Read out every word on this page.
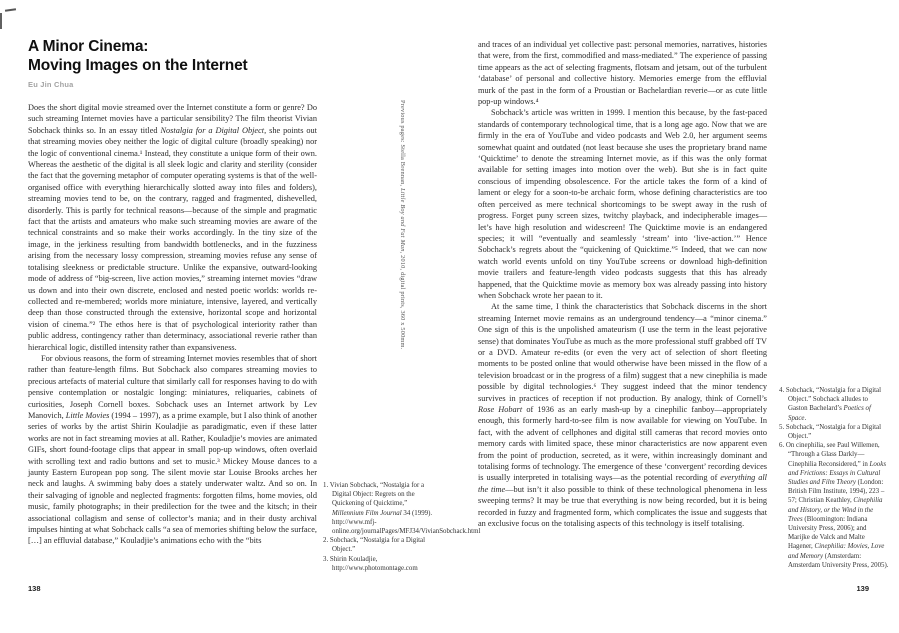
A Minor Cinema:
Moving Images on the Internet
Eu Jin Chua

Does the short digital movie streamed over the Internet constitute a form or genre? Do such streaming Internet movies have a particular sensibility? The film theorist Vivian Sobchack thinks so. In an essay titled Nostalgia for a Digital Object, she points out that streaming movies obey neither the logic of digital culture (broadly speaking) nor the logic of conventional cinema.¹ Instead, they constitute a unique form of their own. Whereas the aesthetic of the digital is all sleek logic and clarity and sterility (consider the fact that the governing metaphor of computer operating systems is that of the well-organised office with everything hierarchically slotted away into files and folders), streaming movies tend to be, on the contrary, ragged and fragmented, dishevelled, disorderly. This is partly for technical reasons—because of the simple and pragmatic fact that the artists and amateurs who make such streaming movies are aware of the technical constraints and so make their works accordingly. In the tiny size of the image, in the jerkiness resulting from bandwidth bottlenecks, and in the fuzziness arising from the necessary lossy compression, streaming movies refuse any sense of totalising sleekness or predictable structure. Unlike the expansive, outward-looking mode of address of “big-screen, live action movies,” streaming internet movies “draw us down and into their own discrete, enclosed and nested poetic worlds: worlds re-collected and re-membered; worlds more miniature, intensive, layered, and vertically deep than those constructed through the extensive, horizontal scope and horizontal vision of cinema.”² The ethos here is that of psychological interiority rather than public address, contingency rather than determinacy, associational reverie rather than hierarchical logic, distilled intensity rather than expansiveness.

For obvious reasons, the form of streaming Internet movies resembles that of short rather than feature-length films. But Sobchack also compares streaming movies to precious artefacts of material culture that similarly call for responses having to do with pensive contemplation or nostalgic longing: miniatures, reliquaries, cabinets of curiosities, Joseph Cornell boxes. Sobchack uses an Internet artwork by Lev Manovich, Little Movies (1994 – 1997), as a prime example, but I also think of another series of works by the artist Shirin Kouladjie as paradigmatic, even if these latter works are not in fact streaming movies at all. Rather, Kouladjie’s movies are animated GIFs, short found-footage clips that appear in small pop-up windows, often overlaid with scrolling text and radio buttons and set to music.³ Mickey Mouse dances to a jaunty Eastern European pop song. The silent movie star Louise Brooks arches her neck and laughs. A swimming baby does a stately underwater waltz. And so on. In their salvaging of ignoble and neglected fragments: forgotten films, home movies, old music, family photographs; in their predilection for the twee and the kitsch; in their associational collagism and sense of collector’s mania; and in their dusty archival impulses hinting at what Sobchack calls “a sea of memories shifting below the surface, […] an effluvial database,” Kouladjie’s animations echo with the “bits

Previous pages: Stella Brennan, Little Boy and Fat Man, 2010, digital prints, 360 x 500mm.
1. Vivian Sobchack, “Nostalgia for a Digital Object: Regrets on the Quickening of Quicktime,” Millennium Film Journal 34 (1999). http://www.mfj-online.org/journalPages/MFJ34/VivianSobchack.html
2. Sobchack, “Nostalgia for a Digital Object.”
3. Shirin Kouladjie, http://www.photomontage.com

and traces of an individual yet collective past: personal memories, narratives, histories that were, from the first, commodified and mass-mediated.” The experience of passing time appears as the act of selecting fragments, flotsam and jetsam, out of the turbulent ‘database’ of personal and collective history. Memories emerge from the effluvial murk of the past in the form of a Proustian or Bachelardian reverie—or as cute little pop-up windows.⁴

Sobchack’s article was written in 1999. I mention this because, by the fast-paced standards of contemporary technological time, that is a long age ago. Now that we are firmly in the era of YouTube and video podcasts and Web 2.0, her argument seems somewhat quaint and outdated (not least because she uses the proprietary brand name ‘Quicktime’ to denote the streaming Internet movie, as if this was the only format available for setting images into motion over the web). But she is in fact quite conscious of impending obsolescence. For the article takes the form of a kind of lament or elegy for a soon-to-be archaic form, whose defining characteristics are too often perceived as mere technical shortcomings to be swept away in the rush of progress. Forget puny screen sizes, twitchy playback, and indecipherable images—let’s have high resolution and widescreen! The Quicktime movie is an endangered species; it will “eventually and seamlessly ‘stream’ into ‘live-action.’” Hence Sobchack’s regrets about the “quickening of Quicktime.”⁵ Indeed, that we can now watch world events unfold on tiny YouTube screens or download high-definition movie trailers and feature-length video podcasts suggests that this has already happened, that the Quicktime movie as memory box was already passing into history when Sobchack wrote her paean to it.

At the same time, I think the characteristics that Sobchack discerns in the short streaming Internet movie remains as an underground tendency—a “minor cinema.” One sign of this is the unpolished amateurism (I use the term in the least pejorative sense) that dominates YouTube as much as the more professional stuff grabbed off TV or a DVD. Amateur re-edits (or even the very act of selection of short fleeting moments to be posted online that would otherwise have been missed in the flow of a television broadcast or in the progress of a film) suggest that a new cinephilia is made possible by digital technologies.⁶ They suggest indeed that the minor tendency survives in practices of reception if not production. By analogy, think of Cornell’s Rose Hobart of 1936 as an early mash-up by a cinephilic fanboy—appropriately enough, this formerly hard-to-see film is now available for viewing on YouTube. In fact, with the advent of cellphones and digital still cameras that record movies onto memory cards with limited space, these minor characteristics are now apparent even from the point of production, secreted, as it were, within increasingly dominant and totalising forms of technology. The emergence of these ‘convergent’ recording devices is usually interpreted in totalising ways—as the potential recording of everything all the time—but isn’t it also possible to think of these technological phenomena in less sweeping terms? It may be true that everything is now being recorded, but it is being recorded in fuzzy and fragmented form, which complicates the issue and suggests that an exclusive focus on the totalising aspects of this technology is itself totalising.

4. Sobchack, “Nostalgia for a Digital Object.” Sobchack alludes to Gaston Bachelard’s Poetics of Space.
5. Sobchack, “Nostalgia for a Digital Object.”
6. On cinephilia, see Paul Willemen, “Through a Glass Darkly—Cinephilia Reconsidered,” in Looks and Frictions: Essays in Cultural Studies and Film Theory (London: British Film Institute, 1994), 223 – 57; Christian Keathley, Cinephilia and History, or the Wind in the Trees (Bloomington: Indiana University Press, 2006); and Marijke de Valck and Malte Hagener, Cinephilia: Movies, Love and Memory (Amsterdam: Amsterdam University Press, 2005).
138	139
